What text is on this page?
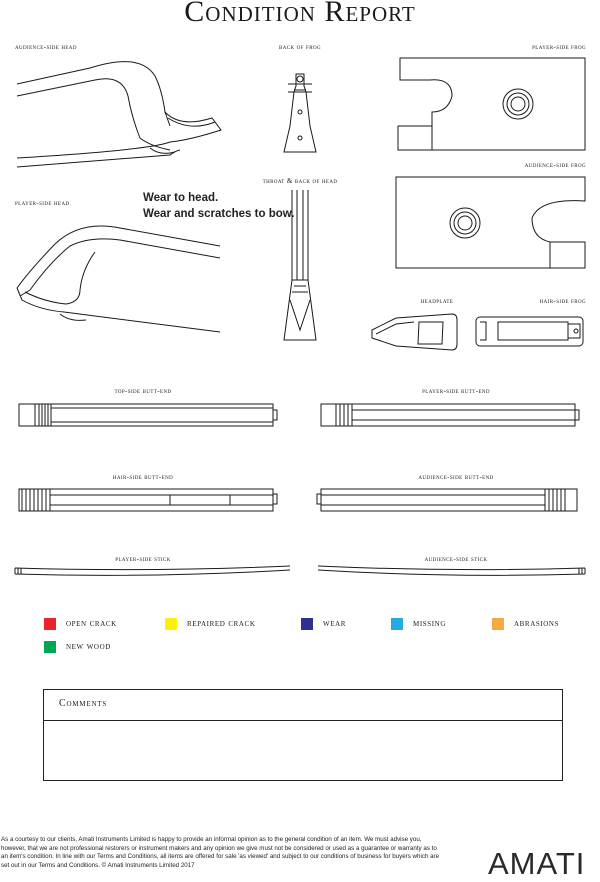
Condition Report
audience-side head	back of frog	player-side frog
audience-side frog
throat & back of head
player-side head
headplate	hair-side frog
top-side butt-end	player-side butt-end
hair-side butt-end	audience-side butt-end
player-side stick	audience-side stick
Wear to head.
Wear and scratches to bow.
open crack	repaired crack	wear	missing	abrasions
new wood
Comments
As a courtesy to our clients, Amati Instruments Limited is happy to provide an informal opinion as to the general condition of an item. We must advise you, however, that we are not professional restorers or instrument makers and any opinion we give must not be considered or used as a guarantee or warranty as to an item's condition. In line with our Terms and Conditions, all items are offered for sale 'as viewed' and subject to our conditions of business for buyers which are set out in our Terms and Conditions. © Amati Instruments Limited 2017	AMATI
